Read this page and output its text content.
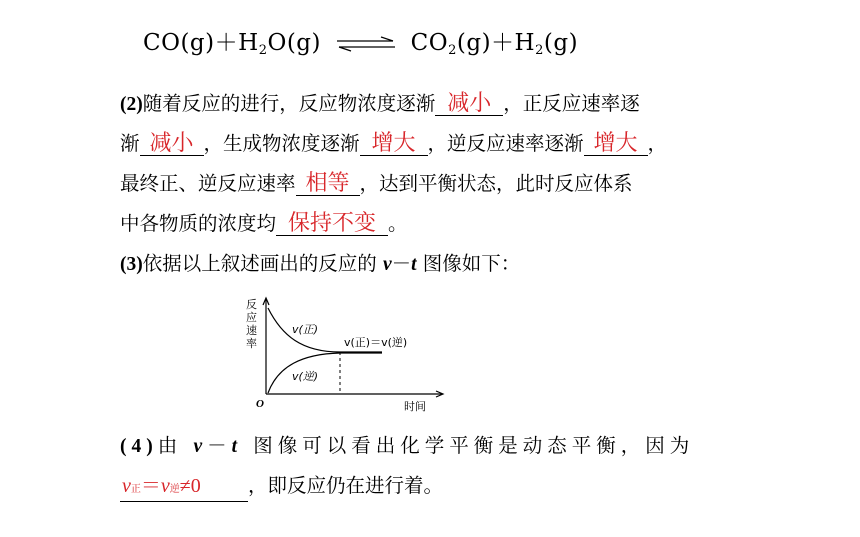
$CO(g)+H_2O(g)$ ⇌ $CO_2(g)+H_2(g)$
(2)随着反应的进行，反应物浓度逐渐 减小 ，正反应速率逐
渐 减小 ，生成物浓度逐渐 增大 ，逆反应速率逐渐 增大 ，
最终正、逆反应速率 相等 ，达到平衡状态，此时反应体系
中各物质的浓度均 保持不变 。
(3)依据以上叙述画出的反应的 v－t 图像如下：
反
应
速
率
O	时间
v(正)
v(逆)
v(正)＝v(逆)
(4)由 v－t 图像可以看出化学平衡是动态平衡，因为
v正＝v逆≠0 ，即反应仍在进行着。
